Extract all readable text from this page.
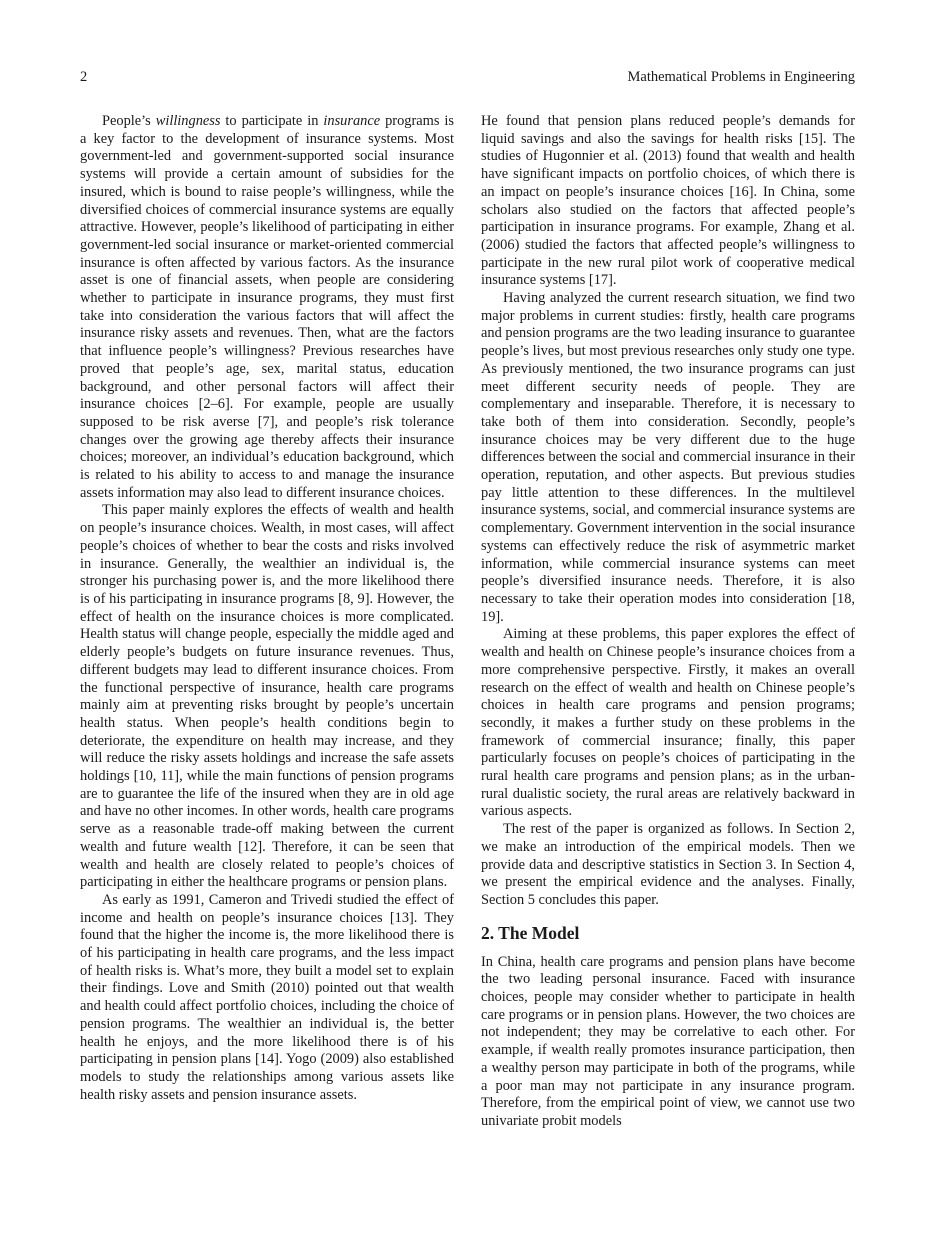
2	Mathematical Problems in Engineering

People’s willingness to participate in insurance programs is a key factor to the development of insurance systems. Most government-led and government-supported social insurance systems will provide a certain amount of subsidies for the insured, which is bound to raise people’s willingness, while the diversified choices of commercial insurance systems are equally attractive. However, people’s likelihood of participating in either government-led social insurance or market-oriented commercial insurance is often affected by various factors. As the insurance asset is one of financial assets, when people are considering whether to participate in insurance programs, they must first take into consideration the various factors that will affect the insurance risky assets and revenues. Then, what are the factors that influence people’s willingness? Previous researches have proved that people’s age, sex, marital status, education background, and other personal factors will affect their insurance choices [2–6]. For example, people are usually supposed to be risk averse [7], and people’s risk tolerance changes over the growing age thereby affects their insurance choices; moreover, an individual’s education background, which is related to his ability to access to and manage the insurance assets information may also lead to different insurance choices.

This paper mainly explores the effects of wealth and health on people’s insurance choices. Wealth, in most cases, will affect people’s choices of whether to bear the costs and risks involved in insurance. Generally, the wealthier an individual is, the stronger his purchasing power is, and the more likelihood there is of his participating in insurance programs [8, 9]. However, the effect of health on the insurance choices is more complicated. Health status will change people, especially the middle aged and elderly people’s budgets on future insurance revenues. Thus, different budgets may lead to different insurance choices. From the functional perspective of insurance, health care programs mainly aim at preventing risks brought by people’s uncertain health status. When people’s health conditions begin to deteriorate, the expenditure on health may increase, and they will reduce the risky assets holdings and increase the safe assets holdings [10, 11], while the main functions of pension programs are to guarantee the life of the insured when they are in old age and have no other incomes. In other words, health care programs serve as a reasonable trade-off making between the current wealth and future wealth [12]. Therefore, it can be seen that wealth and health are closely related to people’s choices of participating in either the healthcare programs or pension plans.

As early as 1991, Cameron and Trivedi studied the effect of income and health on people’s insurance choices [13]. They found that the higher the income is, the more likelihood there is of his participating in health care programs, and the less impact of health risks is. What’s more, they built a model set to explain their findings. Love and Smith (2010) pointed out that wealth and health could affect portfolio choices, including the choice of pension programs. The wealthier an individual is, the better health he enjoys, and the more likelihood there is of his participating in pension plans [14]. Yogo (2009) also established models to study the relationships among various assets like health risky assets and pension insurance assets.

He found that pension plans reduced people’s demands for liquid savings and also the savings for health risks [15]. The studies of Hugonnier et al. (2013) found that wealth and health have significant impacts on portfolio choices, of which there is an impact on people’s insurance choices [16]. In China, some scholars also studied on the factors that affected people’s participation in insurance programs. For example, Zhang et al. (2006) studied the factors that affected people’s willingness to participate in the new rural pilot work of cooperative medical insurance systems [17].

Having analyzed the current research situation, we find two major problems in current studies: firstly, health care programs and pension programs are the two leading insurance to guarantee people’s lives, but most previous researches only study one type. As previously mentioned, the two insurance programs can just meet different security needs of people. They are complementary and inseparable. Therefore, it is necessary to take both of them into consideration. Secondly, people’s insurance choices may be very different due to the huge differences between the social and commercial insurance in their operation, reputation, and other aspects. But previous studies pay little attention to these differences. In the multilevel insurance systems, social, and commercial insurance systems are complementary. Government intervention in the social insurance systems can effectively reduce the risk of asymmetric market information, while commercial insurance systems can meet people’s diversified insurance needs. Therefore, it is also necessary to take their operation modes into consideration [18, 19].

Aiming at these problems, this paper explores the effect of wealth and health on Chinese people’s insurance choices from a more comprehensive perspective. Firstly, it makes an overall research on the effect of wealth and health on Chinese people’s choices in health care programs and pension programs; secondly, it makes a further study on these problems in the framework of commercial insurance; finally, this paper particularly focuses on people’s choices of participating in the rural health care programs and pension plans; as in the urban-rural dualistic society, the rural areas are relatively backward in various aspects.

The rest of the paper is organized as follows. In Section 2, we make an introduction of the empirical models. Then we provide data and descriptive statistics in Section 3. In Section 4, we present the empirical evidence and the analyses. Finally, Section 5 concludes this paper.

2. The Model

In China, health care programs and pension plans have become the two leading personal insurance. Faced with insurance choices, people may consider whether to participate in health care programs or in pension plans. However, the two choices are not independent; they may be correlative to each other. For example, if wealth really promotes insurance participation, then a wealthy person may participate in both of the programs, while a poor man may not participate in any insurance program. Therefore, from the empirical point of view, we cannot use two univariate probit models
